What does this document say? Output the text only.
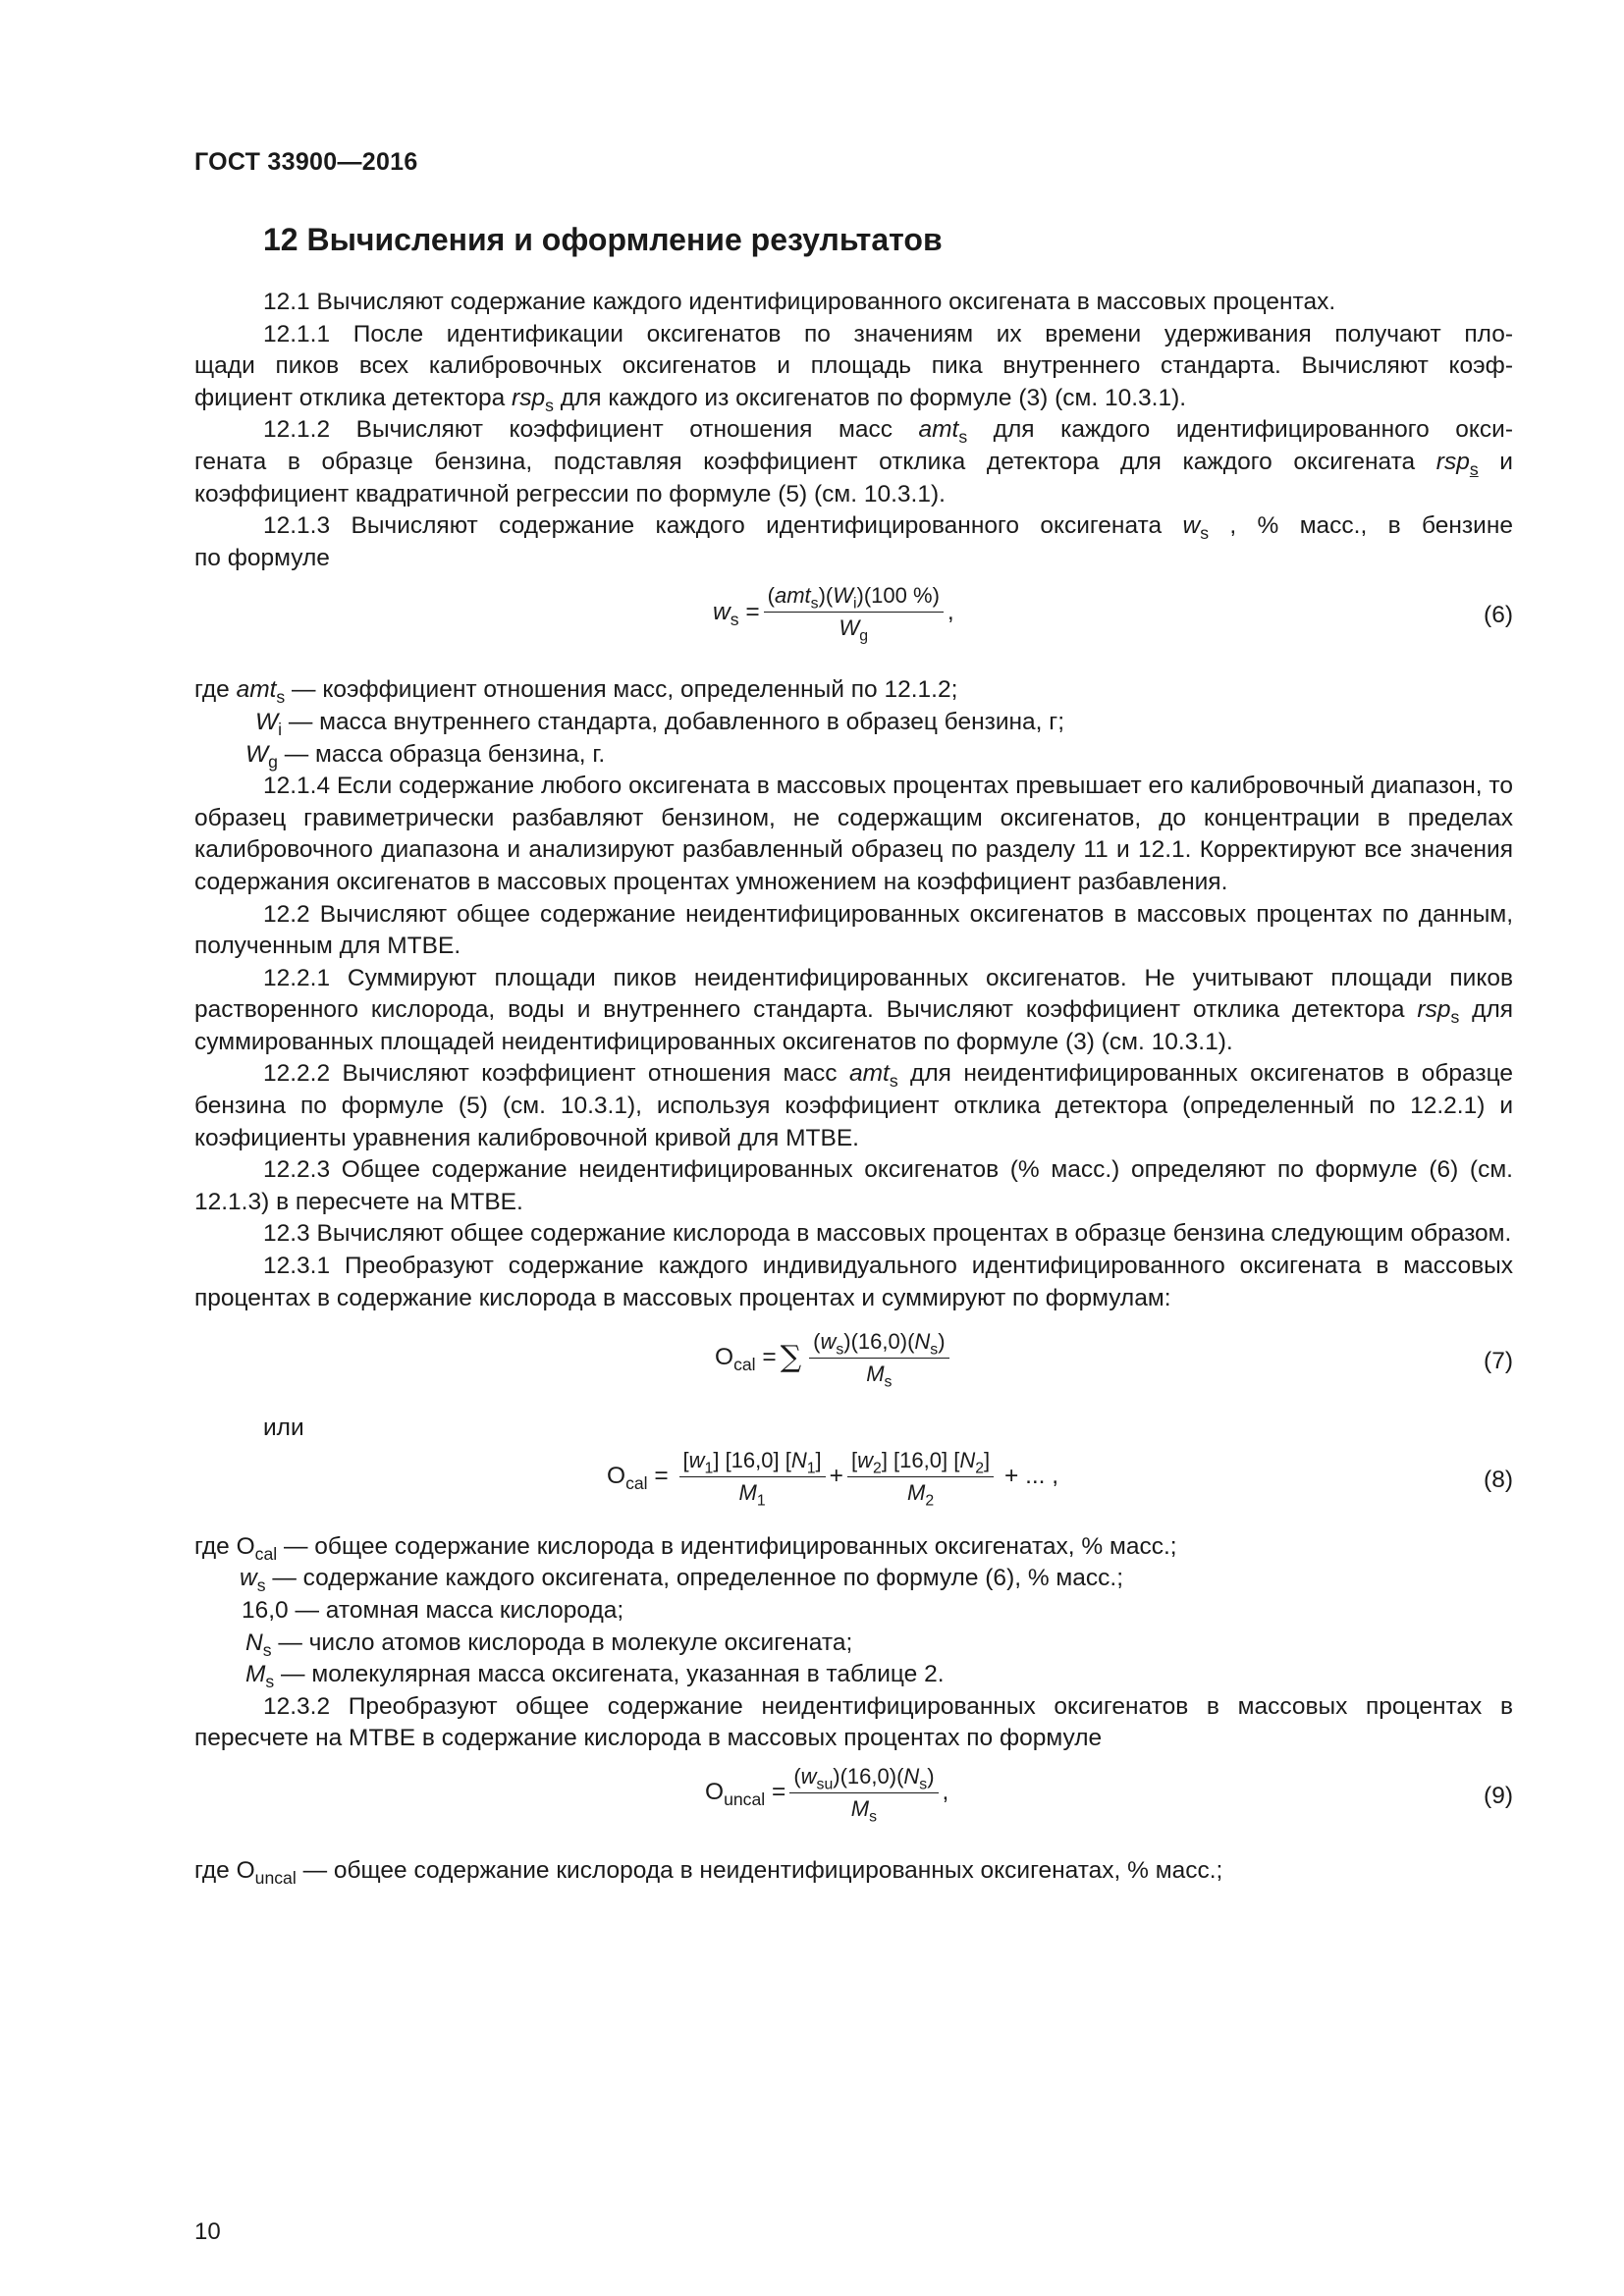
ГОСТ 33900—2016
12 Вычисления и оформление результатов

12.1 Вычисляют содержание каждого идентифицированного оксигената в массовых процентах.

12.1.1 После идентификации оксигенатов по значениям их времени удерживания получают пло-

щади пиков всех калибровочных оксигенатов и площадь пика внутреннего стандарта. Вычисляют коэф-

фициент отклика детектора rsp$_s$ для каждого из оксигенатов по формуле (3) (см. 10.3.1).

12.1.2 Вычисляют коэффициент отношения масс amt$_s$ для каждого идентифицированного окси-

гената в образце бензина, подставляя коэффициент отклика детектора для каждого оксигената rsp$_s$ и

коэффициент квадратичной регрессии по формуле (5) (см. 10.3.1).

12.1.3 Вычисляют содержание каждого идентифицированного оксигената $w_s$ , % масс., в бензине

по формуле

$w_s = \frac{(amt_s)(W_i)(100 \%)}{W_g}$ ,	(6)
где amt$_s$ — коэффициент отношения масс, определенный по 12.1.2;
$W_i$ — масса внутреннего стандарта, добавленного в образец бензина, г;
$W_g$ — масса образца бензина, г.

12.1.4 Если содержание любого оксигената в массовых процентах превышает его калибровочный диапазон, то образец гравиметрически разбавляют бензином, не содержащим оксигенатов, до концентрации в пределах калибровочного диапазона и анализируют разбавленный образец по разделу 11 и 12.1. Корректируют все значения содержания оксигенатов в массовых процентах умножением на коэффициент разбавления.

12.2 Вычисляют общее содержание неидентифицированных оксигенатов в массовых процентах по данным, полученным для МТВЕ.

12.2.1 Суммируют площади пиков неидентифицированных оксигенатов. Не учитывают площади пиков растворенного кислорода, воды и внутреннего стандарта. Вычисляют коэффициент отклика детектора rsp$_s$ для суммированных площадей неидентифицированных оксигенатов по формуле (3) (см. 10.3.1).

12.2.2 Вычисляют коэффициент отношения масс amt$_s$ для неидентифицированных оксигенатов в образце бензина по формуле (5) (см. 10.3.1), используя коэффициент отклика детектора (определенный по 12.2.1) и коэфициенты уравнения калибровочной кривой для МТВЕ.

12.2.3 Общее содержание неидентифицированных оксигенатов (% масс.) определяют по формуле (6) (см. 12.1.3) в пересчете на МТВЕ.

12.3 Вычисляют общее содержание кислорода в массовых процентах в образце бензина следующим образом.

12.3.1 Преобразуют содержание каждого индивидуального идентифицированного оксигената в массовых процентах в содержание кислорода в массовых процентах и суммируют по формулам:

$O_{cal}$ = ∑ $\frac{(w_s)(16,0)(N_s)}{M_s}$	(7)

или

$O_{cal} = \frac{[w_1] [16,0] [N_1]}{M_1} + \frac{[w_2] [16,0] [N_2]}{M_2}$ + ... ,	(8)
где $O_{cal}$ — общее содержание кислорода в идентифицированных оксигенатах, % масс.;
$w_s$ — содержание каждого оксигената, определенное по формуле (6), % масс.;
16,0 — атомная масса кислорода;
$N_s$ — число атомов кислорода в молекуле оксигената;
$M_s$ — молекулярная масса оксигената, указанная в таблице 2.

12.3.2 Преобразуют общее содержание неидентифицированных оксигенатов в массовых процентах в пересчете на МТВЕ в содержание кислорода в массовых процентах по формуле

$O_{uncal} = \frac{(w_{su})(16,0)(N_s)}{M_s}$ ,	(9)
где $O_{uncal}$ — общее содержание кислорода в неидентифицированных оксигенатах, % масс.;
10
